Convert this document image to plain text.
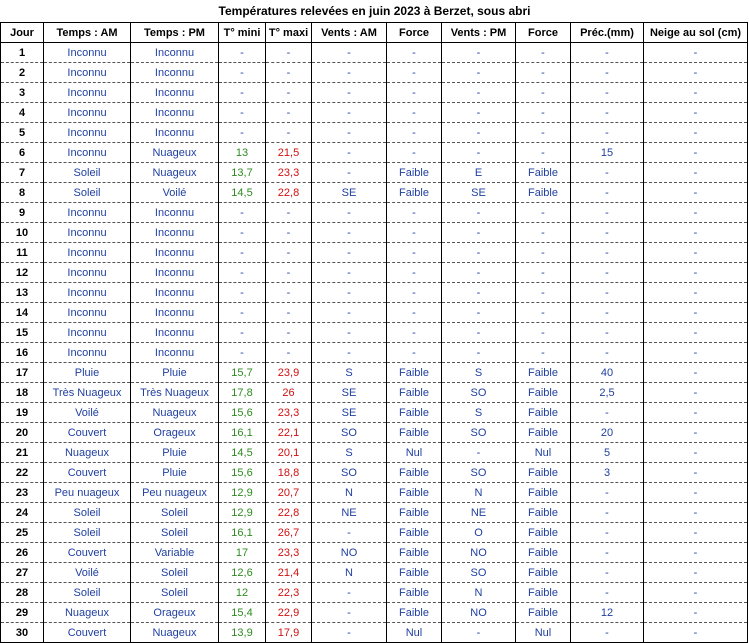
Températures relevées en juin 2023 à Berzet, sous abri
Jour	Temps : AM	Temps : PM	T° mini	T° maxi	Vents : AM	Force	Vents : PM	Force	Préc.(mm)	Neige au sol (cm)
1	Inconnu	Inconnu	-	-	-	-	-	-	-	-
2	Inconnu	Inconnu	-	-	-	-	-	-	-	-
3	Inconnu	Inconnu	-	-	-	-	-	-	-	-
4	Inconnu	Inconnu	-	-	-	-	-	-	-	-
5	Inconnu	Inconnu	-	-	-	-	-	-	-	-
6	Inconnu	Nuageux	13	21,5	-	-	-	-	15	-
7	Soleil	Nuageux	13,7	23,3	-	Faible	E	Faible	-	-
8	Soleil	Voilé	14,5	22,8	SE	Faible	SE	Faible	-	-
9	Inconnu	Inconnu	-	-	-	-	-	-	-	-
10	Inconnu	Inconnu	-	-	-	-	-	-	-	-
11	Inconnu	Inconnu	-	-	-	-	-	-	-	-
12	Inconnu	Inconnu	-	-	-	-	-	-	-	-
13	Inconnu	Inconnu	-	-	-	-	-	-	-	-
14	Inconnu	Inconnu	-	-	-	-	-	-	-	-
15	Inconnu	Inconnu	-	-	-	-	-	-	-	-
16	Inconnu	Inconnu	-	-	-	-	-	-	-	-
17	Pluie	Pluie	15,7	23,9	S	Faible	S	Faible	40	-
18	Très Nuageux	Très Nuageux	17,8	26	SE	Faible	SO	Faible	2,5	-
19	Voilé	Nuageux	15,6	23,3	SE	Faible	S	Faible	-	-
20	Couvert	Orageux	16,1	22,1	SO	Faible	SO	Faible	20	-
21	Nuageux	Pluie	14,5	20,1	S	Nul	-	Nul	5	-
22	Couvert	Pluie	15,6	18,8	SO	Faible	SO	Faible	3	-
23	Peu nuageux	Peu nuageux	12,9	20,7	N	Faible	N	Faible	-	-
24	Soleil	Soleil	12,9	22,8	NE	Faible	NE	Faible	-	-
25	Soleil	Soleil	16,1	26,7	-	Faible	O	Faible	-	-
26	Couvert	Variable	17	23,3	NO	Faible	NO	Faible	-	-
27	Voilé	Soleil	12,6	21,4	N	Faible	SO	Faible	-	-
28	Soleil	Soleil	12	22,3	-	Faible	N	Faible	-	-
29	Nuageux	Orageux	15,4	22,9	-	Faible	NO	Faible	12	-
30	Couvert	Nuageux	13,9	17,9	-	Nul	-	Nul	-	-
